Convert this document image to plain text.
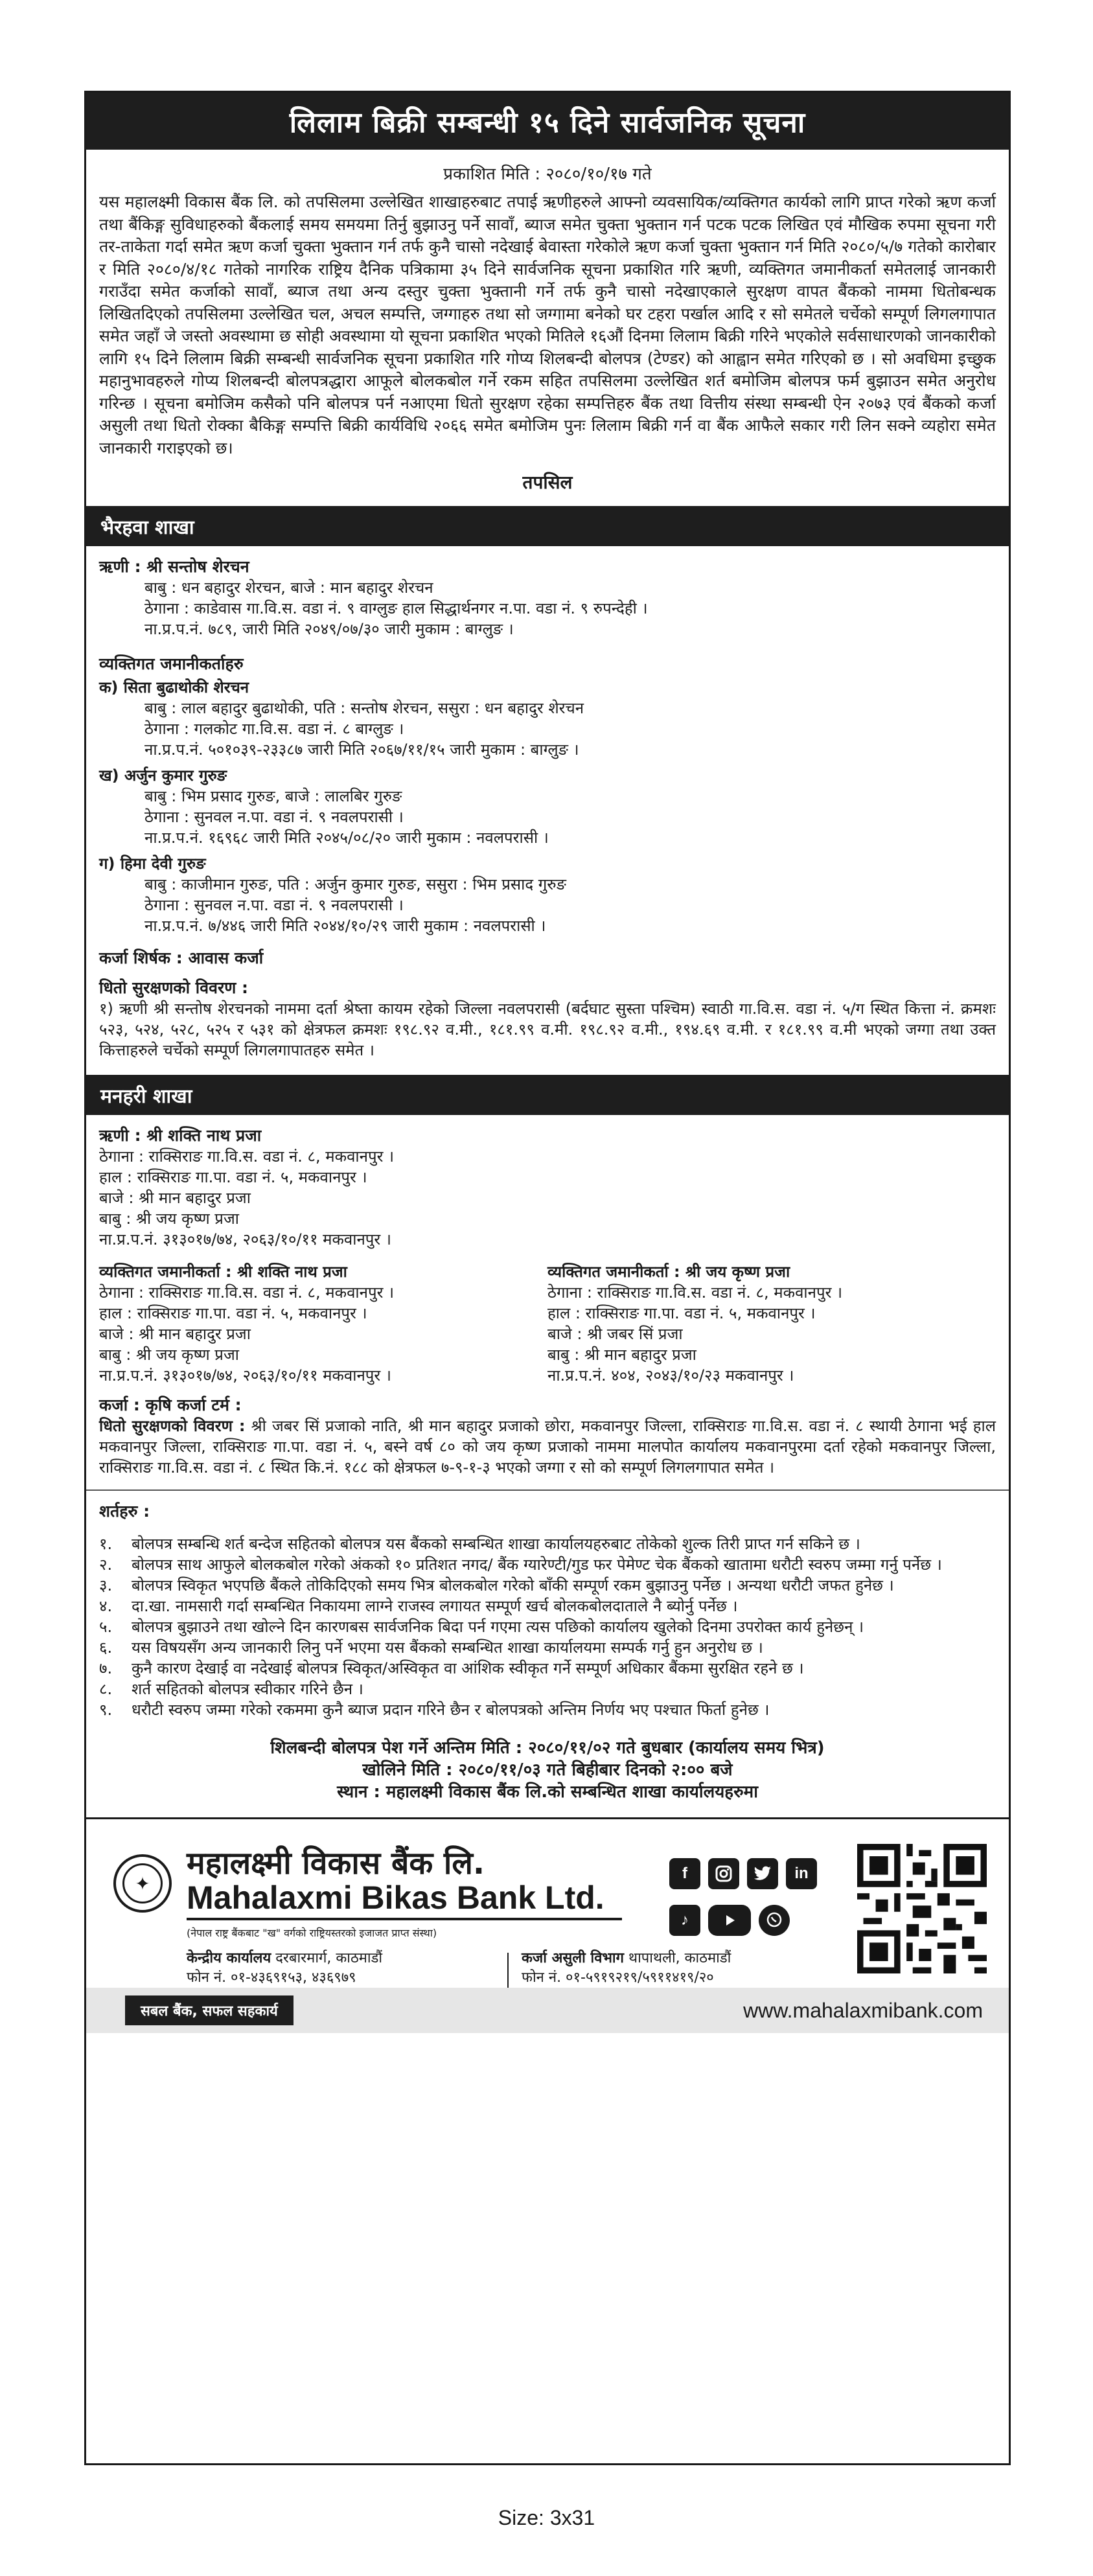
लिलाम बिक्री सम्बन्धी १५ दिने सार्वजनिक सूचना
प्रकाशित मिति : २०८०/१०/१७ गते
यस महालक्ष्मी विकास बैंक लि. को तपसिलमा उल्लेखित शाखाहरुबाट तपाई ऋणीहरुले आफ्नो व्यवसायिक/व्यक्तिगत कार्यको लागि प्राप्त गरेको ऋण कर्जा तथा बैंकिङ्ग सुविधाहरुको बैंकलाई समय समयमा तिर्नु बुझाउनु पर्ने सावाँ, ब्याज समेत चुक्ता भुक्तान गर्न पटक पटक लिखित एवं मौखिक रुपमा सूचना गरी तर-ताकेता गर्दा समेत ऋण कर्जा चुक्ता भुक्तान गर्न तर्फ कुनै चासो नदेखाई बेवास्ता गरेकोले ऋण कर्जा चुक्ता भुक्तान गर्न मिति २०८०/५/७ गतेको कारोबार र मिति २०८०/४/१८ गतेको नागरिक राष्ट्रिय दैनिक पत्रिकामा ३५ दिने सार्वजनिक सूचना प्रकाशित गरि ऋणी, व्यक्तिगत जमानीकर्ता समेतलाई जानकारी गराउँदा समेत कर्जाको सावाँ, ब्याज तथा अन्य दस्तुर चुक्ता भुक्तानी गर्ने तर्फ कुनै चासो नदेखाएकाले सुरक्षण वापत बैंकको नाममा धितोबन्धक लिखितदिएको तपसिलमा उल्लेखित चल, अचल सम्पत्ति, जग्गाहरु तथा सो जग्गामा बनेको घर टहरा पर्खाल आदि र सो समेतले चर्चेको सम्पूर्ण लिगलगापात समेत जहाँ जे जस्तो अवस्थामा छ सोही अवस्थामा यो सूचना प्रकाशित भएको मितिले १६औं दिनमा लिलाम बिक्री गरिने भएकोले सर्वसाधारणको जानकारीको लागि १५ दिने लिलाम बिक्री सम्बन्धी सार्वजनिक सूचना प्रकाशित गरि गोप्य शिलबन्दी बोलपत्र (टेण्डर) को आह्वान समेत गरिएको छ । सो अवधिमा इच्छुक महानुभावहरुले गोप्य शिलबन्दी बोलपत्रद्धारा आफूले बोलकबोल गर्ने रकम सहित तपसिलमा उल्लेखित शर्त बमोजिम बोलपत्र फर्म बुझाउन समेत अनुरोध गरिन्छ । सूचना बमोजिम कसैको पनि बोलपत्र पर्न नआएमा धितो सुरक्षण रहेका सम्पत्तिहरु बैंक तथा वित्तीय संस्था सम्बन्धी ऐन २०७३ एवं बैंकको कर्जा असुली तथा धितो रोक्का बैकिङ्ग सम्पत्ति बिक्री कार्यविधि २०६६ समेत बमोजिम पुनः लिलाम बिक्री गर्न वा बैंक आफैले सकार गरी लिन सक्ने व्यहोरा समेत जानकारी गराइएको छ।
तपसिल
भैरहवा शाखा
ऋणी : श्री सन्तोष शेरचन
बाबु : धन बहादुर शेरचन, बाजे : मान बहादुर शेरचन
ठेगाना : काडेवास गा.वि.स. वडा नं. ९ वाग्लुङ हाल सिद्धार्थनगर न.पा. वडा नं. ९ रुपन्देही ।
ना.प्र.प.नं. ७८९, जारी मिति २०४९/०७/३० जारी मुकाम : बाग्लुङ ।
व्यक्तिगत जमानीकर्ताहरु
क) सिता बुढाथोकी शेरचन
बाबु : लाल बहादुर बुढाथोकी, पति : सन्तोष शेरचन, ससुरा : धन बहादुर शेरचन
ठेगाना : गलकोट गा.वि.स. वडा नं. ८ बाग्लुङ ।
ना.प्र.प.नं. ५०१०३९-२३३८७ जारी मिति २०६७/११/१५ जारी मुकाम : बाग्लुङ ।
ख) अर्जुन कुमार गुरुङ
बाबु : भिम प्रसाद गुरुङ, बाजे : लालबिर गुरुङ
ठेगाना : सुनवल न.पा. वडा नं. ९ नवलपरासी ।
ना.प्र.प.नं. १६९६८ जारी मिति २०४५/०८/२० जारी मुकाम : नवलपरासी ।
ग) हिमा देवी गुरुङ
बाबु : काजीमान गुरुङ, पति : अर्जुन कुमार गुरुङ, ससुरा : भिम प्रसाद गुरुङ
ठेगाना : सुनवल न.पा. वडा नं. ९ नवलपरासी ।
ना.प्र.प.नं. ७/४४६ जारी मिति २०४४/१०/२९ जारी मुकाम : नवलपरासी ।
कर्जा शिर्षक : आवास कर्जा
धितो सुरक्षणको विवरण :
१) ऋणी श्री सन्तोष शेरचनको नाममा दर्ता श्रेष्ता कायम रहेको जिल्ला नवलपरासी (बर्दघाट सुस्ता पश्चिम) स्वाठी गा.वि.स. वडा नं. ५/ग स्थित कित्ता नं. क्रमशः ५२३, ५२४, ५२८, ५२५ र ५३१ को क्षेत्रफल क्रमशः १९८.९२ व.मी., १८१.९९ व.मी. १९८.९२ व.मी., १९४.६९ व.मी. र १८१.९९ व.मी भएको जग्गा तथा उक्त कित्ताहरुले चर्चेको सम्पूर्ण लिगलगापातहरु समेत ।
मनहरी शाखा
ऋणी : श्री शक्ति नाथ प्रजा
ठेगाना : राक्सिराङ गा.वि.स. वडा नं. ८, मकवानपुर ।
हाल : राक्सिराङ गा.पा. वडा नं. ५, मकवानपुर ।
बाजे : श्री मान बहादुर प्रजा
बाबु : श्री जय कृष्ण प्रजा
ना.प्र.प.नं. ३१३०१७/७४, २०६३/१०/११ मकवानपुर ।
व्यक्तिगत जमानीकर्ता : श्री शक्ति नाथ प्रजा
ठेगाना : राक्सिराङ गा.वि.स. वडा नं. ८, मकवानपुर ।
हाल : राक्सिराङ गा.पा. वडा नं. ५, मकवानपुर ।
बाजे : श्री मान बहादुर प्रजा
बाबु : श्री जय कृष्ण प्रजा
ना.प्र.प.नं. ३१३०१७/७४, २०६३/१०/११ मकवानपुर ।
व्यक्तिगत जमानीकर्ता : श्री जय कृष्ण प्रजा
ठेगाना : राक्सिराङ गा.वि.स. वडा नं. ८, मकवानपुर ।
हाल : राक्सिराङ गा.पा. वडा नं. ५, मकवानपुर ।
बाजे : श्री जबर सिं प्रजा
बाबु : श्री मान बहादुर प्रजा
ना.प्र.प.नं. ४०४, २०४३/१०/२३ मकवानपुर ।
कर्जा : कृषि कर्जा टर्म :
धितो सुरक्षणको विवरण : श्री जबर सिं प्रजाको नाति, श्री मान बहादुर प्रजाको छोरा, मकवानपुर जिल्ला, राक्सिराङ गा.वि.स. वडा नं. ८ स्थायी ठेगाना भई हाल मकवानपुर जिल्ला, राक्सिराङ गा.पा. वडा नं. ५, बस्ने वर्ष ८० को जय कृष्ण प्रजाको नाममा मालपोत कार्यालय मकवानपुरमा दर्ता रहेको मकवानपुर जिल्ला, राक्सिराङ गा.वि.स. वडा नं. ८ स्थित कि.नं. १८८ को क्षेत्रफल ७-९-१-३ भएको जग्गा र सो को सम्पूर्ण लिगलगापात समेत ।
शर्तहरु :
१.	बोलपत्र सम्बन्धि शर्त बन्देज सहितको बोलपत्र यस बैंकको सम्बन्धित शाखा कार्यालयहरुबाट तोकेको शुल्क तिरी प्राप्त गर्न सकिने छ ।
२.	बोलपत्र साथ आफुले बोलकबोल गरेको अंकको १० प्रतिशत नगद/ बैंक ग्यारेण्टी/गुड फर पेमेण्ट चेक बैंकको खातामा धरौटी स्वरुप जम्मा गर्नु पर्नेछ ।
३.	बोलपत्र स्विकृत भएपछि बैंकले तोकिदिएको समय भित्र बोलकबोल गरेको बाँकी सम्पूर्ण रकम बुझाउनु पर्नेछ । अन्यथा धरौटी जफत हुनेछ ।
४.	दा.खा. नामसारी गर्दा सम्बन्धित निकायमा लाग्ने राजस्व लगायत सम्पूर्ण खर्च बोलकबोलदाताले नै ब्योर्नु पर्नेछ ।
५.	बोलपत्र बुझाउने तथा खोल्ने दिन कारणबस सार्वजनिक बिदा पर्न गएमा त्यस पछिको कार्यालय खुलेको दिनमा उपरोक्त कार्य हुनेछन् ।
६.	यस विषयसँग अन्य जानकारी लिनु पर्ने भएमा यस बैंकको सम्बन्धित शाखा कार्यालयमा सम्पर्क गर्नु हुन अनुरोध छ ।
७.	कुनै कारण देखाई वा नदेखाई बोलपत्र स्विकृत/अस्विकृत वा आंशिक स्वीकृत गर्ने सम्पूर्ण अधिकार बैंकमा सुरक्षित रहने छ ।
८.	शर्त सहितको बोलपत्र स्वीकार गरिने छैन ।
९.	धरौटी स्वरुप जम्मा गरेको रकममा कुनै ब्याज प्रदान गरिने छैन र बोलपत्रको अन्तिम निर्णय भए पश्चात फिर्ता हुनेछ ।
शिलबन्दी बोलपत्र पेश गर्ने अन्तिम मिति : २०८०/११/०२ गते बुधबार (कार्यालय समय भित्र)
खोलिने मिति : २०८०/११/०३ गते बिहीबार दिनको २:०० बजे
स्थान : महालक्ष्मी विकास बैंक लि.को सम्बन्धित शाखा कार्यालयहरुमा
✦
महालक्ष्मी विकास बैंक लि.
Mahalaxmi Bikas Bank Ltd.
(नेपाल राष्ट्र बैंकबाट "ख" वर्गको राष्ट्रियस्तरको इजाजत प्राप्त संस्था)
केन्द्रीय कार्यालय दरबारमार्ग, काठमाडौं
फोन नं. ०१-४३६९१५३, ४३६९७९
कर्जा असुली विभाग थापाथली, काठमाडौं
फोन नं. ०१-५९१९२१९/५९११४१९/२०
f	in
♪
सबल बैंक, सफल सहकार्य	www.mahalaxmibank.com
Size: 3x31
